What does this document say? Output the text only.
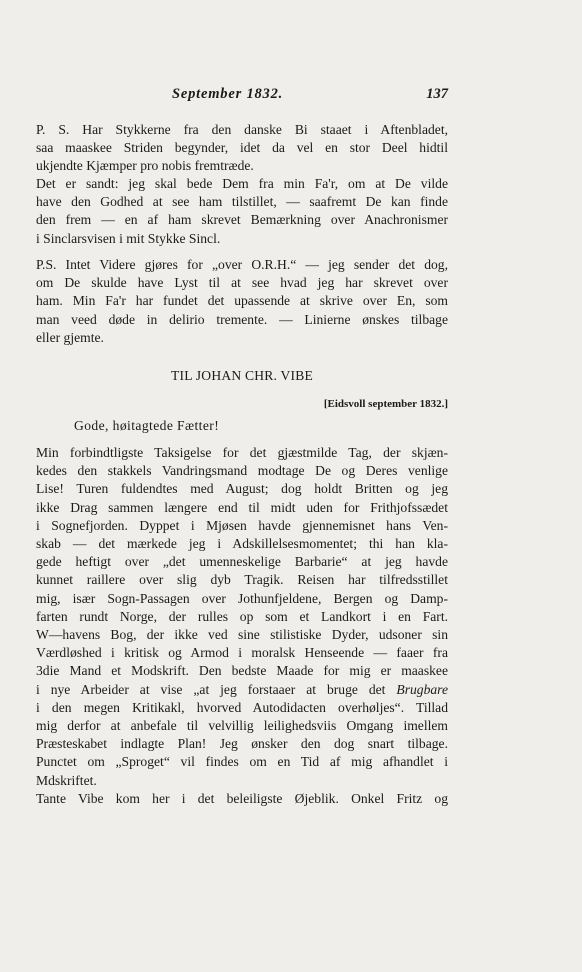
September 1832.	137
P. S. Har Stykkerne fra den danske Bi staaet i Aftenbladet,
saa maaskee Striden begynder, idet da vel en stor Deel hidtil
ukjendte Kjæmper pro nobis fremtræde.
Det er sandt: jeg skal bede Dem fra min Fa'r, om at De vilde
have den Godhed at see ham tilstillet, — saafremt De kan finde
den frem — en af ham skrevet Bemærkning over Anachronismer
i Sinclarsvisen i mit Stykke Sincl.
P.S. Intet Videre gjøres for „over O.R.H.“ — jeg sender det dog,
om De skulde have Lyst til at see hvad jeg har skrevet over
ham. Min Fa'r har fundet det upassende at skrive over En, som
man veed døde in delirio tremente. — Linierne ønskes tilbage
eller gjemte.
TIL JOHAN CHR. VIBE
[Eidsvoll september 1832.]
Gode, høitagtede Fætter!
Min forbindtligste Taksigelse for det gjæstmilde Tag, der skjæn-
kedes den stakkels Vandringsmand modtage De og Deres venlige
Lise! Turen fuldendtes med August; dog holdt Britten og jeg
ikke Drag sammen længere end til midt uden for Frithjofssædet
i Sognefjorden. Dyppet i Mjøsen havde gjennemisnet hans Ven-
skab — det mærkede jeg i Adskillelsesmomentet; thi han kla-
gede heftigt over „det umenneskelige Barbarie“ at jeg havde
kunnet raillere over slig dyb Tragik. Reisen har tilfredsstillet
mig, især Sogn-Passagen over Jothunfjeldene, Bergen og Damp-
farten rundt Norge, der rulles op som et Landkort i en Fart.
W—havens Bog, der ikke ved sine stilistiske Dyder, udsoner sin
Værdløshed i kritisk og Armod i moralsk Henseende — faaer fra
3die Mand et Modskrift. Den bedste Maade for mig er maaskee
i nye Arbeider at vise „at jeg forstaaer at bruge det Brugbare
i den megen Kritikakl, hvorved Autodidacten overhøljes“. Tillad
mig derfor at anbefale til velvillig leilighedsviis Omgang imellem
Præsteskabet indlagte Plan! Jeg ønsker den dog snart tilbage.
Punctet om „Sproget“ vil findes om en Tid af mig afhandlet i
Mdskriftet.
Tante Vibe kom her i det beleiligste Øjeblik. Onkel Fritz og
